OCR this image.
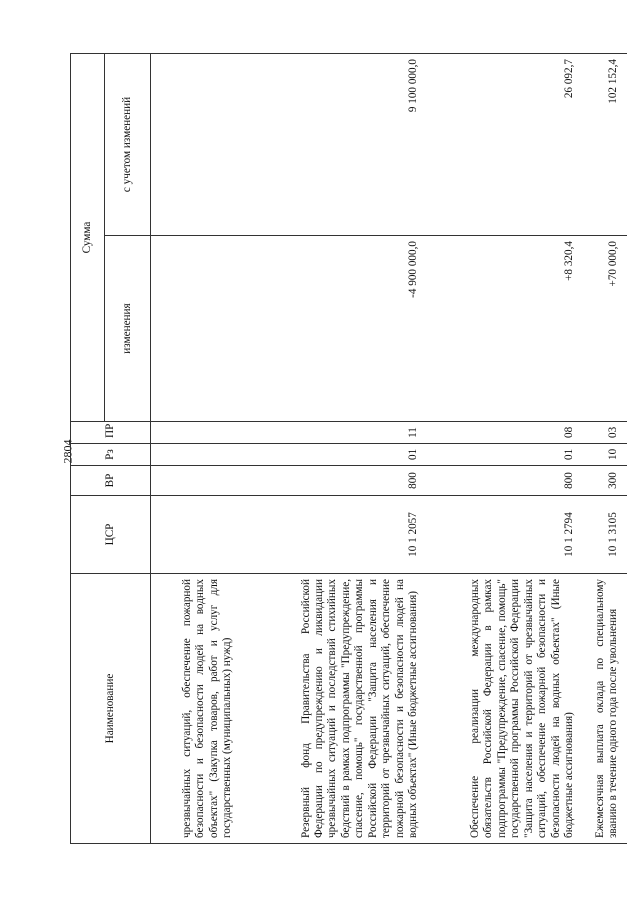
2804
Наименование	ЦСР	ВР	Рз	ПР	Сумма	
					изменения	с учетом изменений
чрезвычайных ситуаций, обеспечение пожарной безопасности и безопасности людей на водных объектах" (Закупка товаров, работ и услуг для государственных (муниципальных) нужд)						
Резервный фонд Правительства Российской Федерации по предупреждению и ликвидации чрезвычайных ситуаций и последствий стихийных бедствий в рамках подпрограммы "Предупреждение, спасение, помощь" государственной программы Российской Федерации "Защита населения и территорий от чрезвычайных ситуаций, обеспечение пожарной безопасности и безопасности людей на водных объектах" (Иные бюджетные ассигнования)	10 1 2057	800	01	11	-4 900 000,0	9 100 000,0
Обеспечение реализации международных обязательств Российской Федерации в рамках подпрограммы "Предупреждение, спасение, помощь" государственной программы Российской Федерации "Защита населения и территорий от чрезвычайных ситуаций, обеспечение пожарной безопасности и безопасности людей на водных объектах" (Иные бюджетные ассигнования)	10 1 2794	800	01	08	+8 320,4	26 092,7
Ежемесячная выплата оклада по специальному званию в течение одного года после увольнения	10 1 3105	300	10	03	+70 000,0	102 152,4
